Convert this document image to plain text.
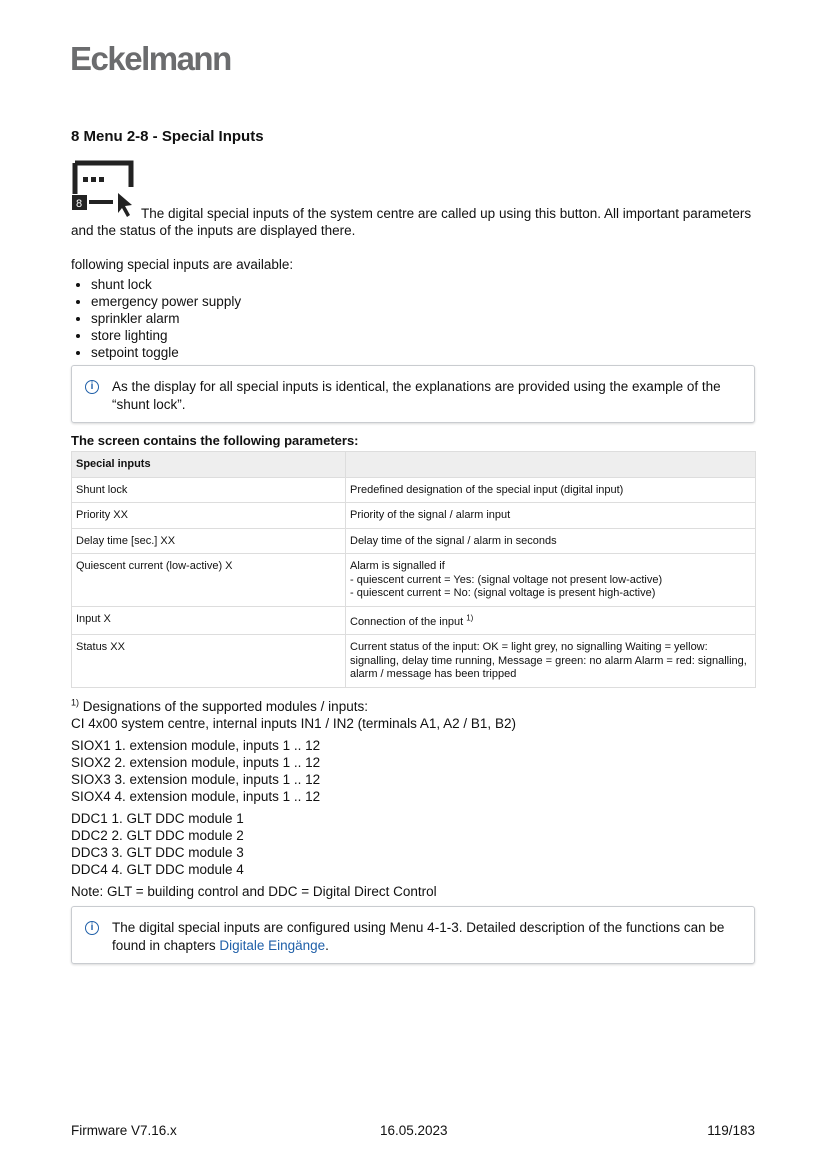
Eckelmann
8 Menu 2-8 - Special Inputs
8
The digital special inputs of the system centre are called up using this button. All important parameters and the status of the inputs are displayed there.
following special inputs are available:
• shunt lock
• emergency power supply
• sprinkler alarm
• store lighting
• setpoint toggle
i	As the display for all special inputs is identical, the explanations are provided using the example of the “shunt lock”.
The screen contains the following parameters:
Special inputs	
Shunt lock	Predefined designation of the special input (digital input)
Priority XX	Priority of the signal / alarm input
Delay time [sec.] XX	Delay time of the signal / alarm in seconds
Quiescent current (low-active) X	Alarm is signalled if
- quiescent current = Yes: (signal voltage not present low-active)
- quiescent current = No: (signal voltage is present high-active)

Input X	Connection of the input $^{1)}$
Status XX	Current status of the input: OK = light grey, no signalling Waiting = yellow: signalling, delay time running, Message = green: no alarm Alarm = red: signalling, alarm / message has been tripped
$^{1)}$ Designations of the supported modules / inputs:
CI 4x00 system centre, internal inputs IN1 / IN2 (terminals A1, A2 / B1, B2)
SIOX1 1. extension module, inputs 1 .. 12
SIOX2 2. extension module, inputs 1 .. 12
SIOX3 3. extension module, inputs 1 .. 12
SIOX4 4. extension module, inputs 1 .. 12
DDC1 1. GLT DDC module 1
DDC2 2. GLT DDC module 2
DDC3 3. GLT DDC module 3
DDC4 4. GLT DDC module 4
Note: GLT = building control and DDC = Digital Direct Control
i	The digital special inputs are configured using Menu 4-1-3. Detailed description of the functions can be found in chapters Digitale Eingänge.
Firmware V7.16.x	16.05.2023	119/183
